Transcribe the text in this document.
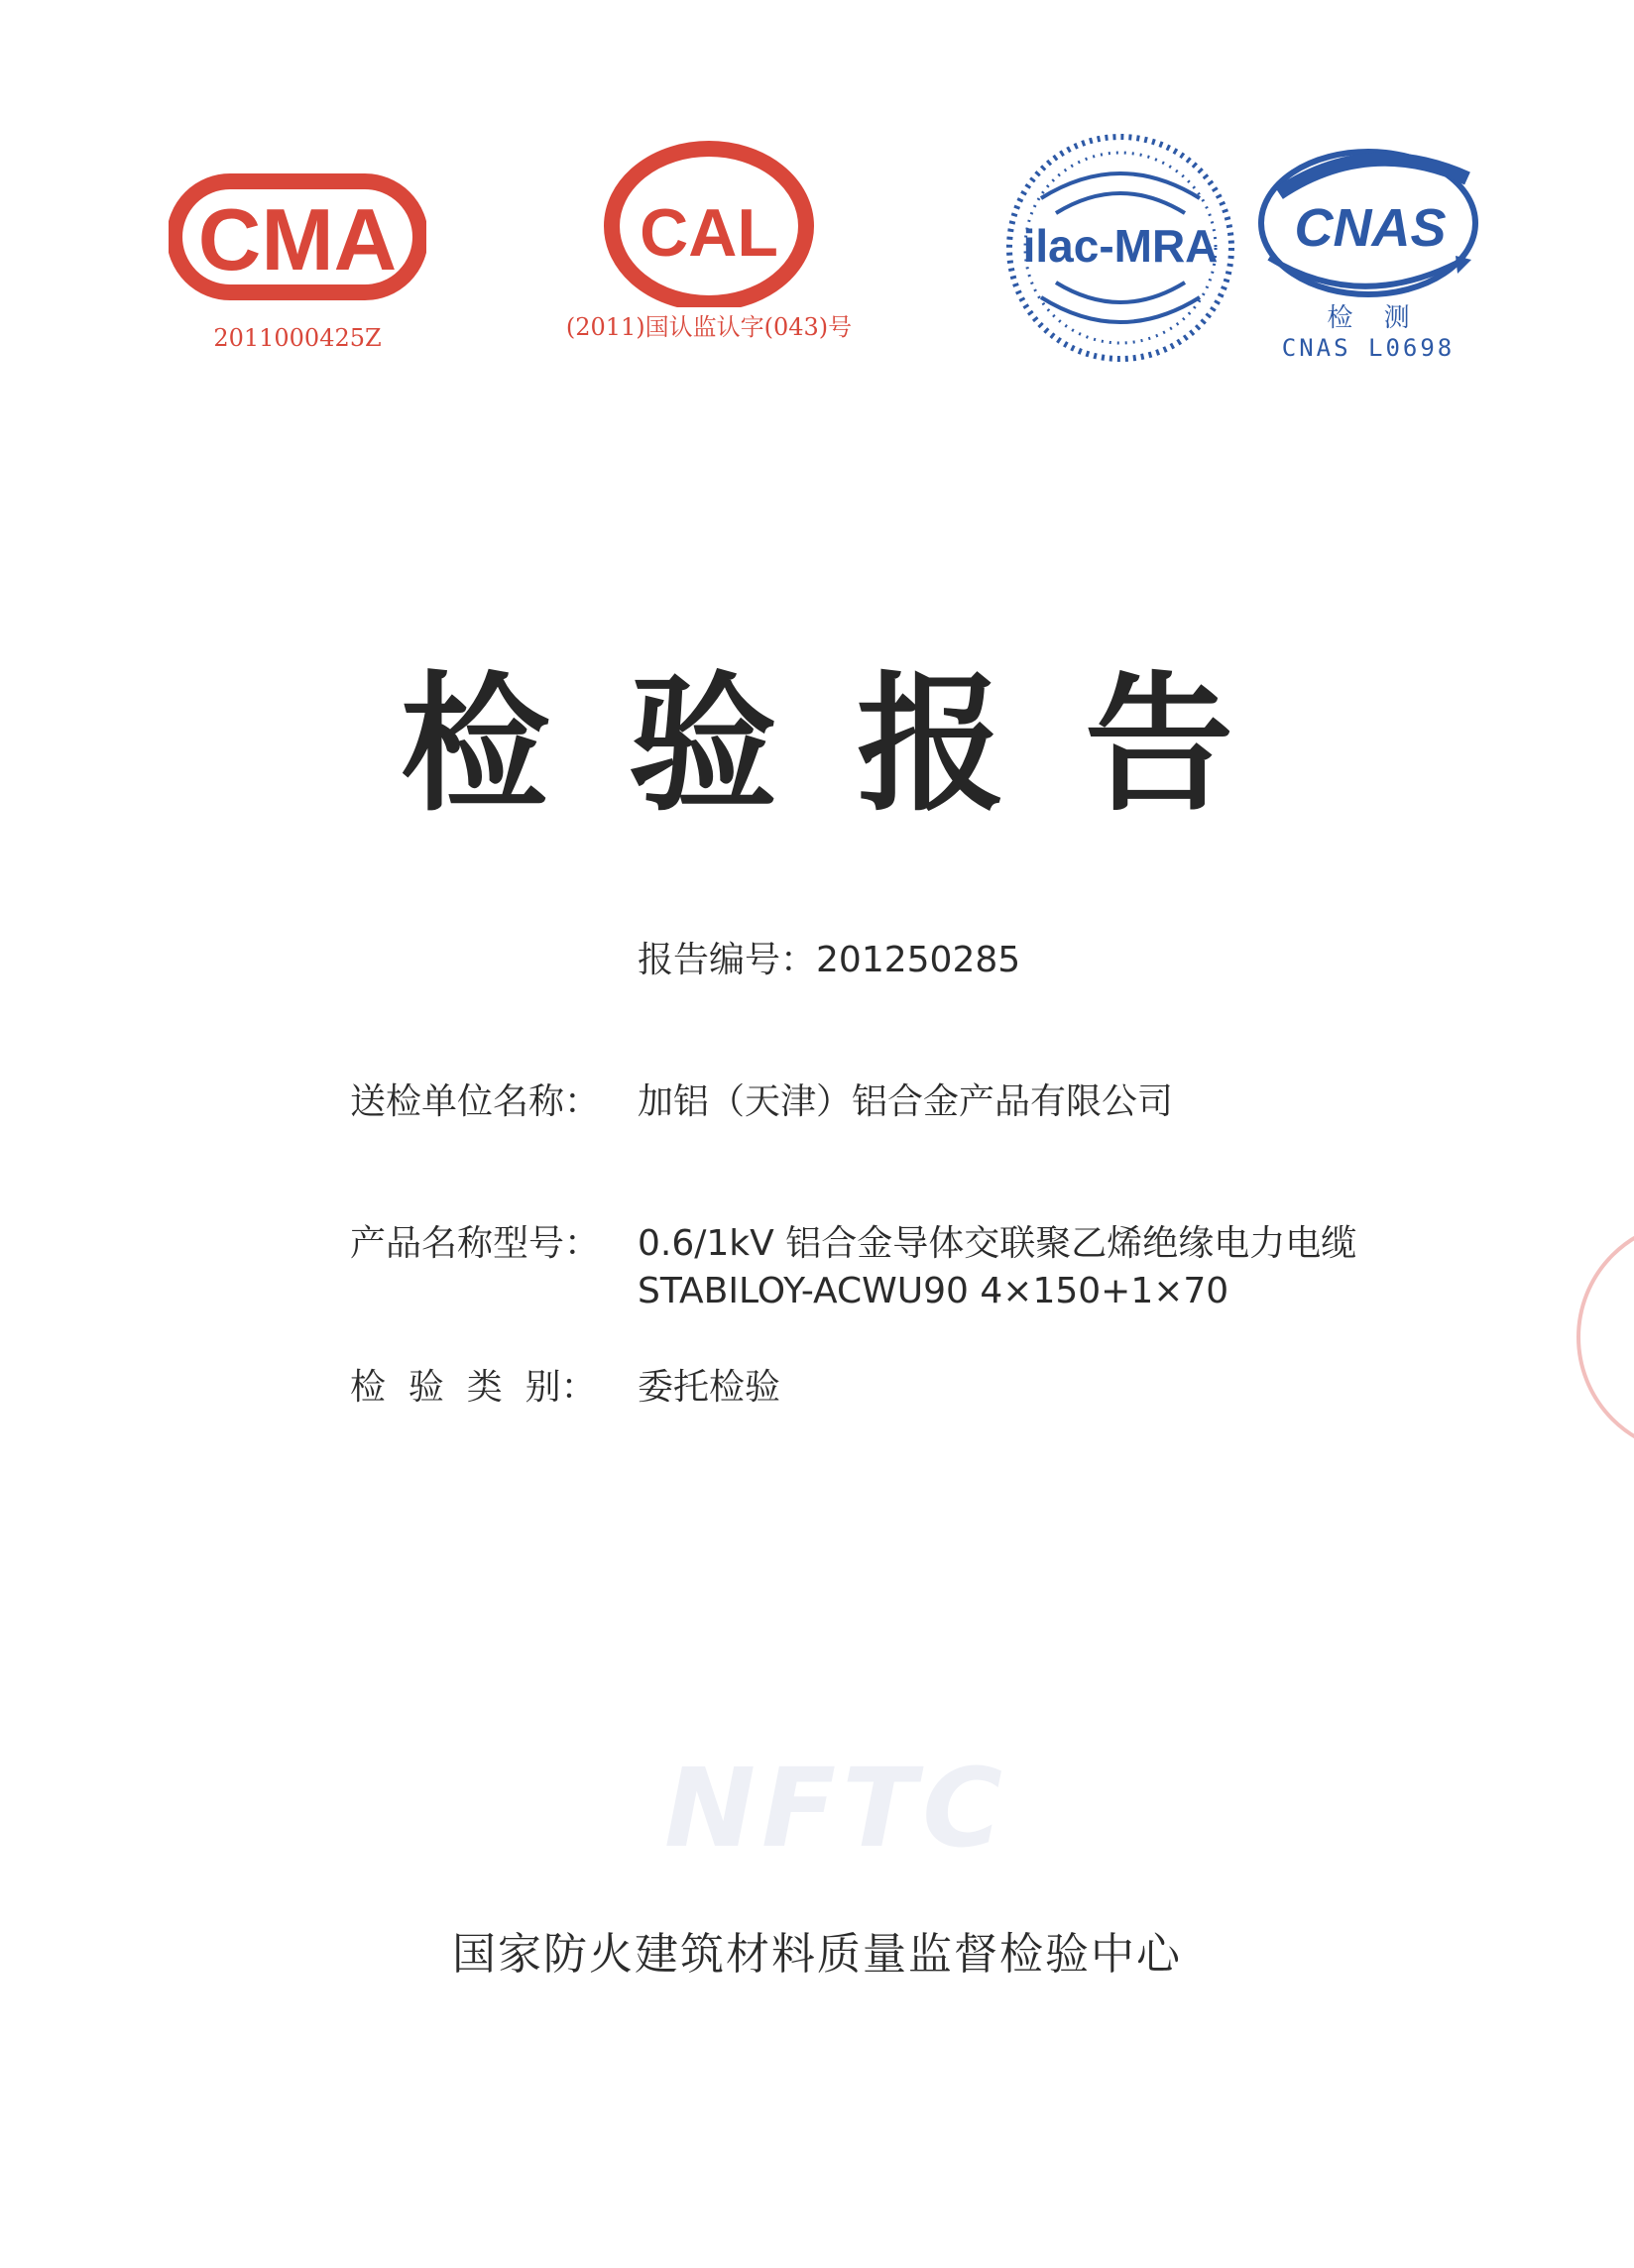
CMA
2011000425Z
CAL
(2011)国认监认字(043)号
ilac-MRA CNAS
检  测
CNAS L0698
检验报告
报告编号：201250285
送检单位名称： 加铝（天津）铝合金产品有限公司
产品名称型号： 0.6/1kV 铝合金导体交联聚乙烯绝缘电力电缆
STABILOY-ACWU90 4×150+1×70
检  验  类  别： 委托检验
NFTC
国家防火建筑材料质量监督检验中心
